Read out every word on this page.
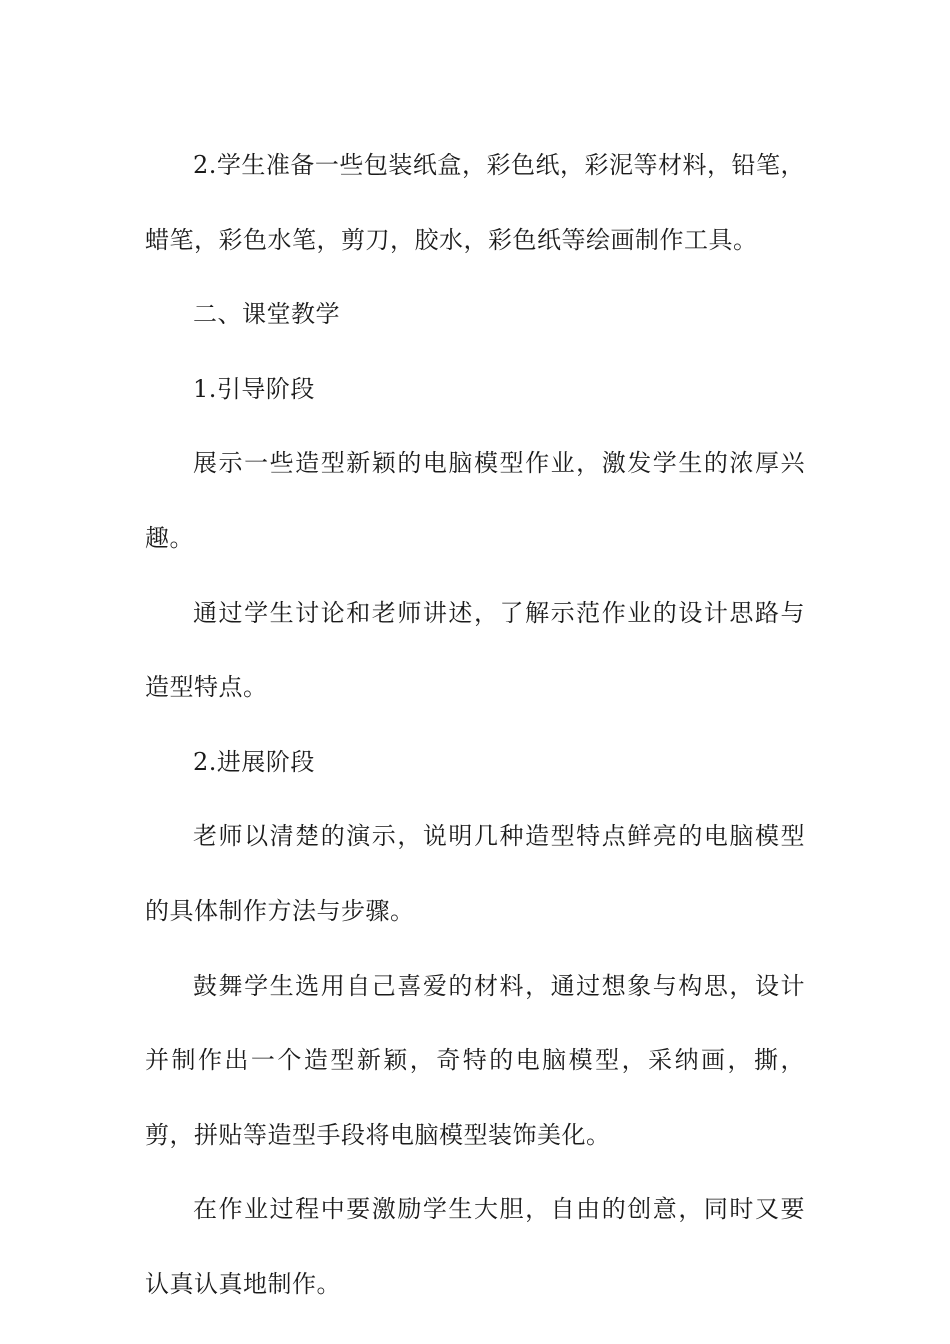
2.学生准备一些包装纸盒，彩色纸，彩泥等材料，铅笔，蜡笔，彩色水笔，剪刀，胶水，彩色纸等绘画制作工具。

二、课堂教学

1.引导阶段

展示一些造型新颖的电脑模型作业，激发学生的浓厚兴趣。

通过学生讨论和老师讲述，了解示范作业的设计思路与造型特点。

2.进展阶段

老师以清楚的演示，说明几种造型特点鲜亮的电脑模型的具体制作方法与步骤。

鼓舞学生选用自己喜爱的材料，通过想象与构思，设计并制作出一个造型新颖，奇特的电脑模型，采纳画，撕，剪，拼贴等造型手段将电脑模型装饰美化。

在作业过程中要激励学生大胆，自由的创意，同时又要认真认真地制作。
